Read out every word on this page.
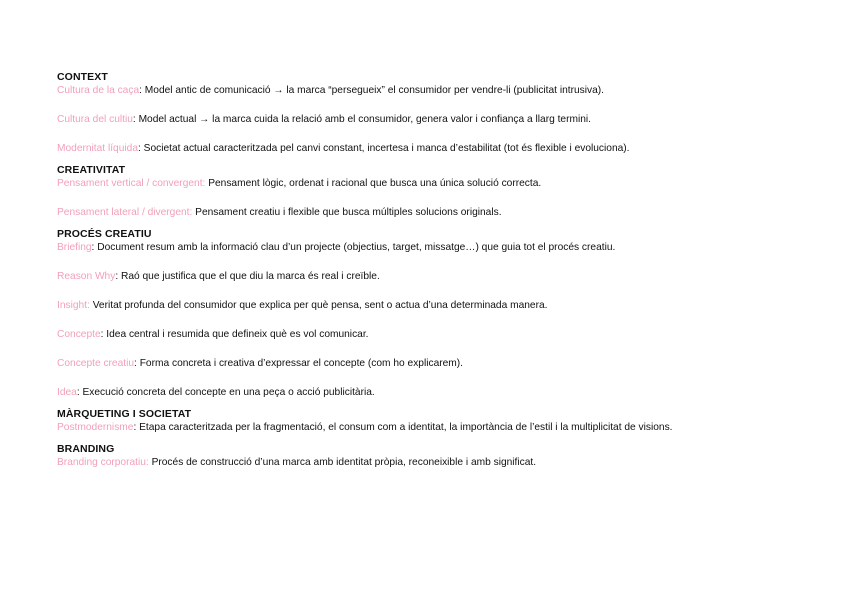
CONTEXT

Cultura de la caça: Model antic de comunicació → la marca “persegueix” el consumidor per vendre-li (publicitat intrusiva).

Cultura del cultiu: Model actual → la marca cuida la relació amb el consumidor, genera valor i confiança a llarg termini.

Modernitat líquida: Societat actual caracteritzada pel canvi constant, incertesa i manca d’estabilitat (tot és flexible i evoluciona).

CREATIVITAT

Pensament vertical / convergent: Pensament lògic, ordenat i racional que busca una única solució correcta.

Pensament lateral / divergent: Pensament creatiu i flexible que busca múltiples solucions originals.

PROCÉS CREATIU

Briefing: Document resum amb la informació clau d’un projecte (objectius, target, missatge…) que guia tot el procés creatiu.

Reason Why: Raó que justifica que el que diu la marca és real i creïble.

Insight: Veritat profunda del consumidor que explica per què pensa, sent o actua d’una determinada manera.

Concepte: Idea central i resumida que defineix què es vol comunicar.

Concepte creatiu: Forma concreta i creativa d’expressar el concepte (com ho explicarem).

Idea: Execució concreta del concepte en una peça o acció publicitària.

MÀRQUETING I SOCIETAT

Postmodernisme: Etapa caracteritzada per la fragmentació, el consum com a identitat, la importància de l’estil i la multiplicitat de visions.

BRANDING

Branding corporatiu: Procés de construcció d’una marca amb identitat pròpia, reconeixible i amb significat.
